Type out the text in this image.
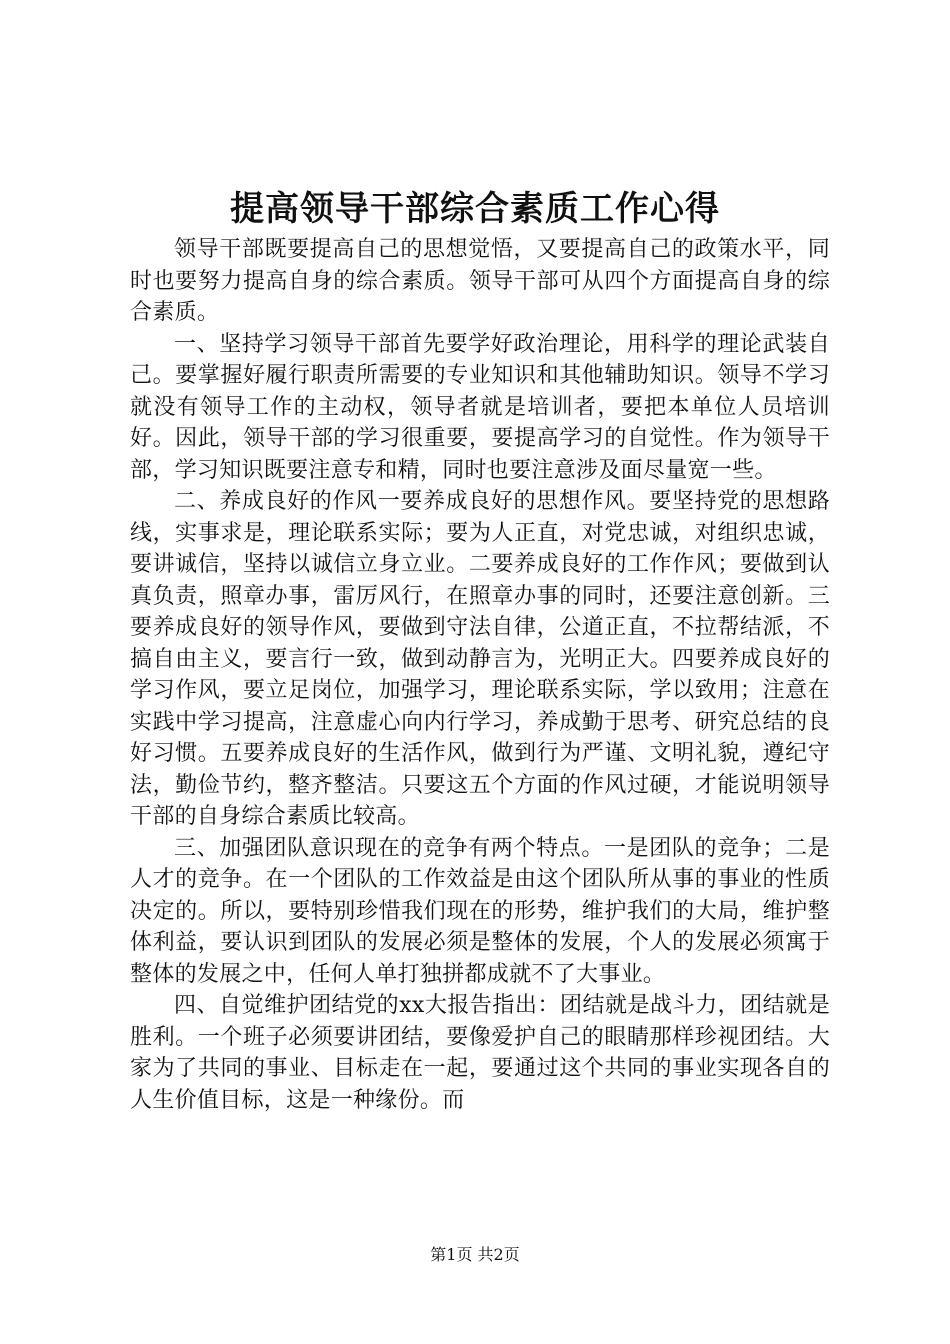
提高领导干部综合素质工作心得

领导干部既要提高自己的思想觉悟，又要提高自己的政策水平，同时也要努力提高自身的综合素质。领导干部可从四个方面提高自身的综合素质。

一、坚持学习领导干部首先要学好政治理论，用科学的理论武装自己。要掌握好履行职责所需要的专业知识和其他辅助知识。领导不学习就没有领导工作的主动权，领导者就是培训者，要把本单位人员培训好。因此，领导干部的学习很重要，要提高学习的自觉性。作为领导干部，学习知识既要注意专和精，同时也要注意涉及面尽量宽一些。

二、养成良好的作风一要养成良好的思想作风。要坚持党的思想路线，实事求是，理论联系实际；要为人正直，对党忠诚，对组织忠诚，要讲诚信，坚持以诚信立身立业。二要养成良好的工作作风；要做到认真负责，照章办事，雷厉风行，在照章办事的同时，还要注意创新。三要养成良好的领导作风，要做到守法自律，公道正直，不拉帮结派，不搞自由主义，要言行一致，做到动静言为，光明正大。四要养成良好的学习作风，要立足岗位，加强学习，理论联系实际，学以致用；注意在实践中学习提高，注意虚心向内行学习，养成勤于思考、研究总结的良好习惯。五要养成良好的生活作风，做到行为严谨、文明礼貌，遵纪守法，勤俭节约，整齐整洁。只要这五个方面的作风过硬，才能说明领导干部的自身综合素质比较高。

三、加强团队意识现在的竞争有两个特点。一是团队的竞争；二是人才的竞争。在一个团队的工作效益是由这个团队所从事的事业的性质决定的。所以，要特别珍惜我们现在的形势，维护我们的大局，维护整体利益，要认识到团队的发展必须是整体的发展，个人的发展必须寓于整体的发展之中，任何人单打独拼都成就不了大事业。

四、自觉维护团结党的xx大报告指出：团结就是战斗力，团结就是胜利。一个班子必须要讲团结，要像爱护自己的眼睛那样珍视团结。大家为了共同的事业、目标走在一起，要通过这个共同的事业实现各自的人生价值目标，这是一种缘份。而

第1页 共2页
